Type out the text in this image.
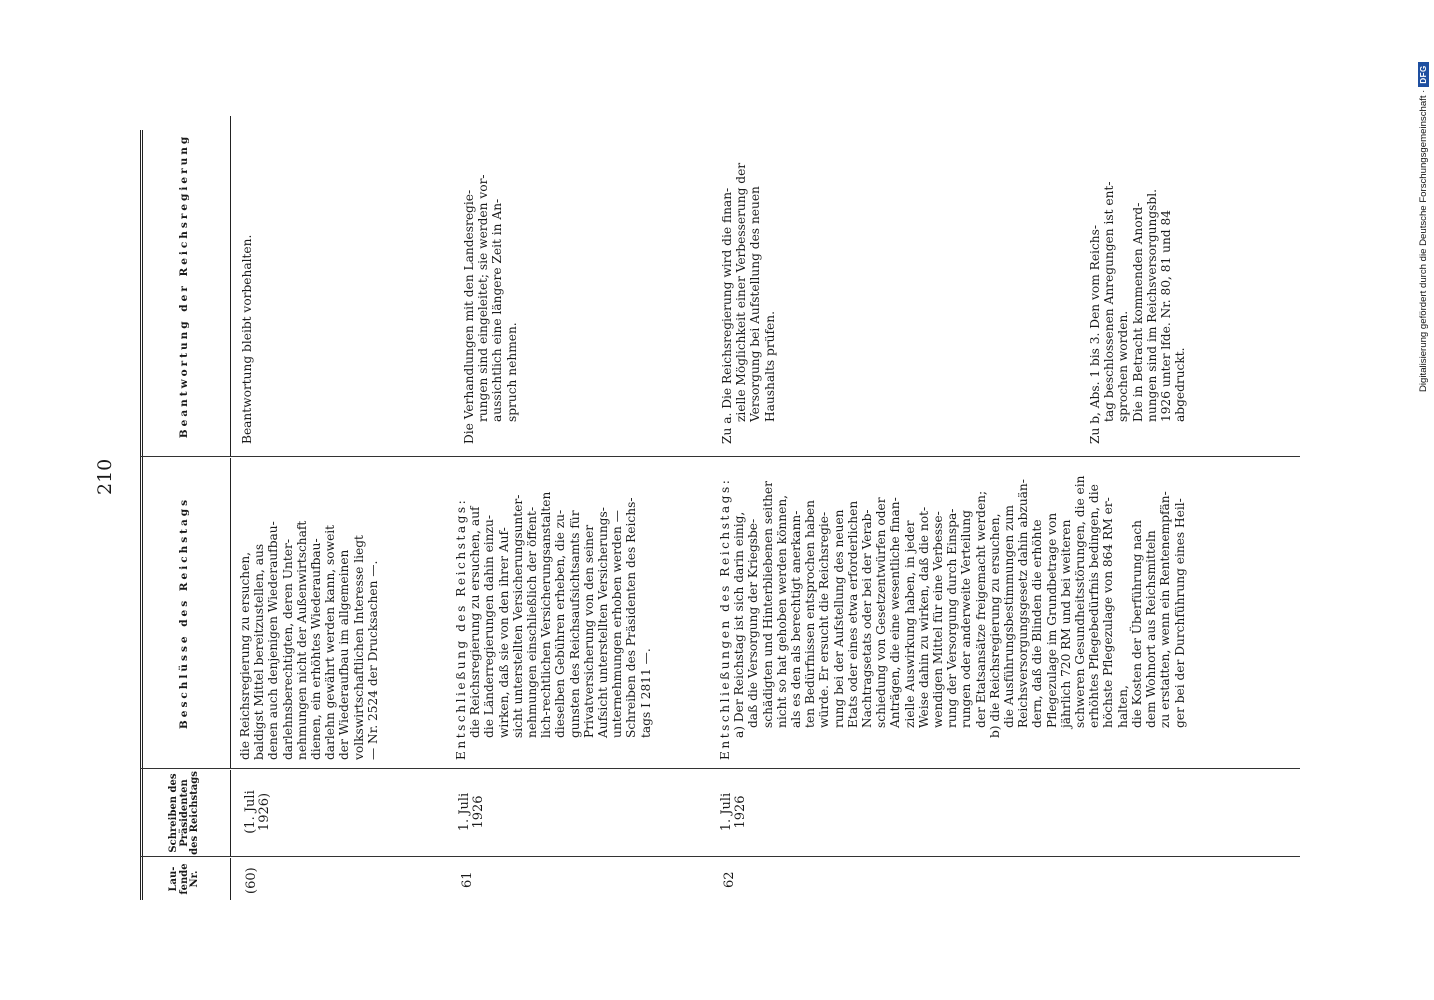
210
Lau- fende Nr.
Schreiben des Präsidenten des Reichstags
Beschlüsse des Reichstags
Beantwortung der Reichsregierung
(60)
(1. Juli 1926)
die Reichsregierung zu ersuchen, baldigst Mittel bereitzustellen, aus denen auch denjenigen Wiederaufbau- darlehnsberechtigten, deren Unter- nehmungen nicht der Außenwirtschaft dienen, ein erhöhtes Wiederaufbau- darlehn gewährt werden kann, soweit der Wiederaufbau im allgemeinen volkswirtschaftlichen Interesse liegt — Nr. 2524 der Drucksachen —.
Beantwortung bleibt vorbehalten.
61
1. Juli 1926
Entschließung des Reichstags: die Reichsregierung zu ersuchen, auf die Länderregierungen dahin einzu- wirken, daß sie von den ihrer Auf- sicht unterstellten Versicherungsunter- nehmungen einschließlich der öffent- lich-rechtlichen Versicherungsanstalten dieselben Gebühren erheben, die zu- gunsten des Reichsaufsichtsamts für Privatversicherung von den seiner Aufsicht unterstellten Versicherungs- unternehmungen erhoben werden — Schreiben des Präsidenten des Reichs- tags I 2811 —.
Die Verhandlungen mit den Landesregie- rungen sind eingeleitet; sie werden vor- aussichtlich eine längere Zeit in An- spruch nehmen.
62
1. Juli 1926
Entschließungen des Reichstags: a) Der Reichstag ist sich darin einig, daß die Versorgung der Kriegsbe- schädigten und Hinterbliebenen seither nicht so hat gehoben werden können, als es den als berechtigt anerkann- ten Bedürfnissen entsprochen haben würde. Er ersucht die Reichsregie- rung bei der Aufstellung des neuen Etats oder eines etwa erforderlichen Nachtragsetats oder bei der Verab- schiedung von Gesetzentwürfen oder Anträgen, die eine wesentliche finan- zielle Auswirkung haben, in jeder Weise dahin zu wirken, daß die not- wendigen Mittel für eine Verbesse- rung der Versorgung durch Einspa- rungen oder anderweite Verteilung der Etatsansätze freigemacht werden; b) die Reichsregierung zu ersuchen, die Ausführungsbestimmungen zum Reichsversorgungsgesetz dahin abzuän- dern, daß die Blinden die erhöhte Pflegezulage im Grundbetrage von jährlich 720 RM und bei weiteren schweren Gesundheitsstörungen, die ein erhöhtes Pflegebedürfnis bedingen, die höchste Pflegezulage von 864 RM er- halten, die Kosten der Überführung nach dem Wohnort aus Reichsmitteln zu erstatten, wenn ein Rentenempfän- ger bei der Durchführung eines Heil-
Zu a. Die Reichsregierung wird die finan- zielle Möglichkeit einer Verbesserung der Versorgung bei Aufstellung des neuen Haushalts prüfen.	Zu b, Abs. 1 bis 3. Den vom Reichs- tag beschlossenen Anregungen ist ent- sprochen worden. Die in Betracht kommenden Anord- nungen sind im Reichsversorgungsbl. 1926 unter lfde. Nr. 80, 81 und 84 abgedruckt.	Digitalisierung gefördert durch die Deutsche Forschungsgemeinschaft ·
DFG
